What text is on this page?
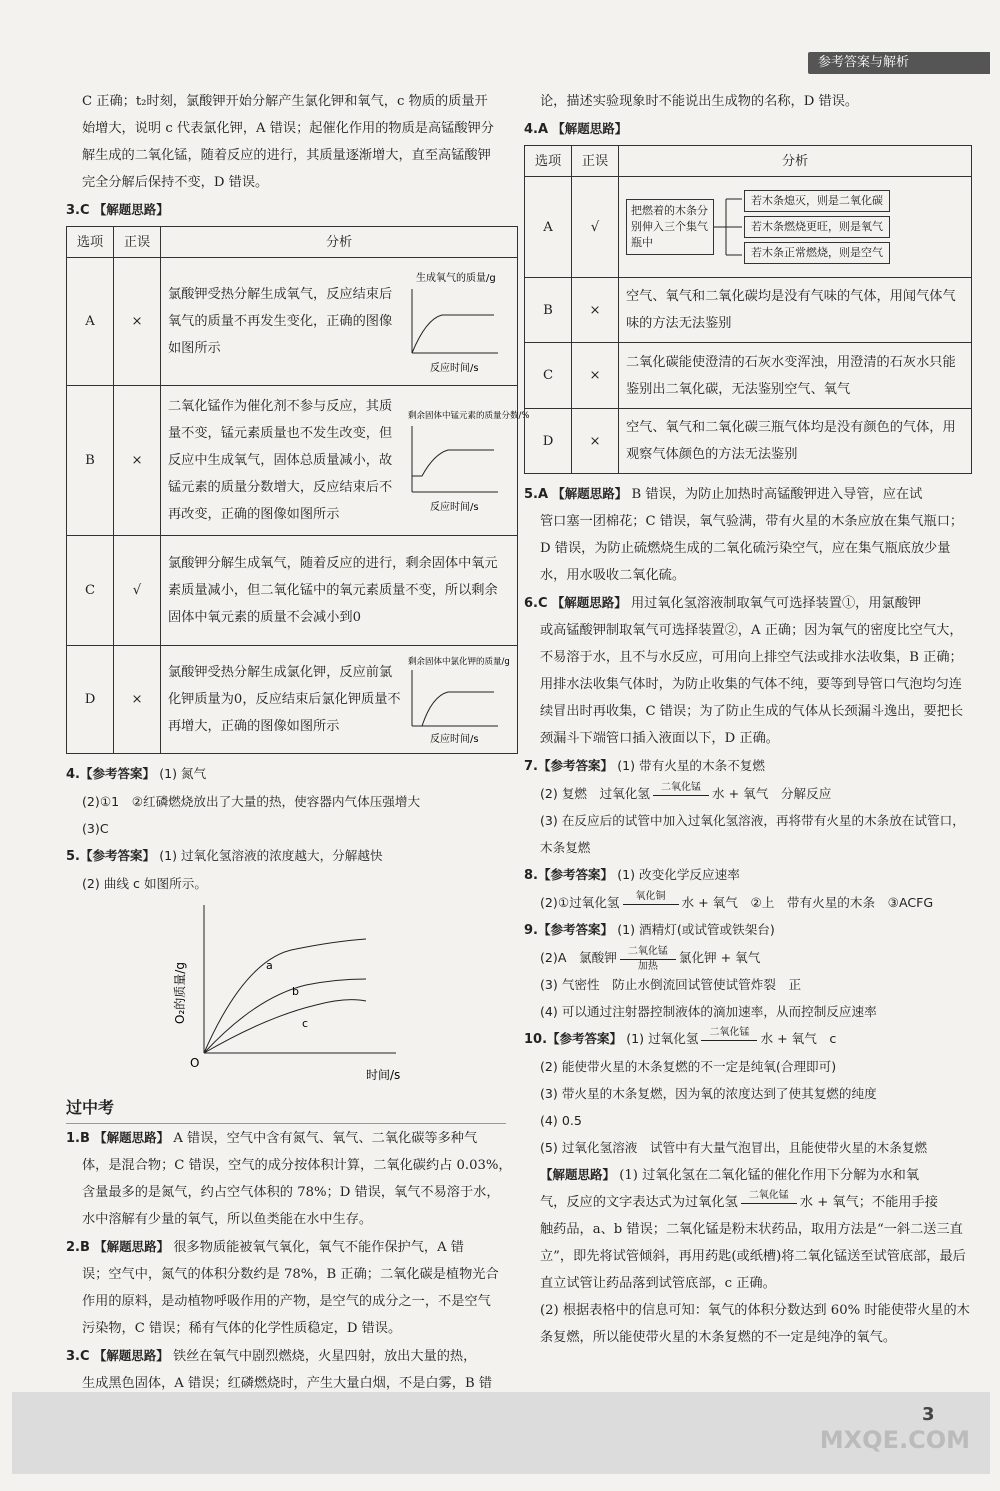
参考答案与解析

C 正确；t₂时刻，氯酸钾开始分解产生氯化钾和氧气，c 物质的质量开

始增大，说明 c 代表氯化钾，A 错误；起催化作用的物质是高锰酸钾分

解生成的二氧化锰，随着反应的进行，其质量逐渐增大，直至高锰酸钾

完全分解后保持不变，D 错误。

3.C 【解题思路】

选项	正误	分析
A	×	氯酸钾受热分解生成氧气，反应结束后氧气的质量不再发生变化，正确的图像如图所示
生成氧气的质量/g
反应时间/s

B	×	二氧化锰作为催化剂不参与反应，其质量不变，锰元素质量也不发生改变，但反应中生成氧气，固体总质量减小，故锰元素的质量分数增大，反应结束后不再改变，正确的图像如图所示
剩余固体中锰元素的质量分数/%
反应时间/s

C	√	氯酸钾分解生成氧气，随着反应的进行，剩余固体中氧元素质量减小，但二氧化锰中的氧元素质量不变，所以剩余固体中氧元素的质量不会减小到0

D	×	氯酸钾受热分解生成氯化钾，反应前氯化钾质量为0，反应结束后氯化钾质量不再增大，正确的图像如图所示
剩余固体中氯化钾的质量/g
反应时间/s

4.【参考答案】 (1) 氮气

(2)①1　②红磷燃烧放出了大量的热，使容器内气体压强增大

(3)C

5.【参考答案】 (1) 过氧化氢溶液的浓度越大，分解越快

(2) 曲线 c 如图所示。

O₂的质量/g
O
时间/s
a
b
c
过中考

1.B 【解题思路】 A 错误，空气中含有氮气、氧气、二氧化碳等多种气

体，是混合物；C 错误，空气的成分按体积计算，二氧化碳约占 0.03%，

含量最多的是氮气，约占空气体积的 78%；D 错误，氧气不易溶于水，

水中溶解有少量的氧气，所以鱼类能在水中生存。

2.B 【解题思路】 很多物质能被氧气氧化，氧气不能作保护气，A 错

误；空气中，氮气的体积分数约是 78%，B 正确；二氧化碳是植物光合

作用的原料，是动植物呼吸作用的产物，是空气的成分之一，不是空气

污染物，C 错误；稀有气体的化学性质稳定，D 错误。

3.C 【解题思路】 铁丝在氧气中剧烈燃烧，火星四射，放出大量的热，

生成黑色固体，A 错误；红磷燃烧时，产生大量白烟，不是白雾，B 错

论，描述实验现象时不能说出生成物的名称，D 错误。

4.A 【解题思路】

选项	正误	分析
A	√	把燃着的木条分别伸入三个集气瓶中
若木条熄灭，则是二氧化碳
若木条燃烧更旺，则是氧气
若木条正常燃烧，则是空气

B	×	空气、氧气和二氧化碳均是没有气味的气体，用闻气体气味的方法无法鉴别

C	×	二氧化碳能使澄清的石灰水变浑浊，用澄清的石灰水只能鉴别出二氧化碳，无法鉴别空气、氧气

D	×	空气、氧气和二氧化碳三瓶气体均是没有颜色的气体，用观察气体颜色的方法无法鉴别

5.A 【解题思路】 B 错误，为防止加热时高锰酸钾进入导管，应在试

管口塞一团棉花；C 错误，氧气验满，带有火星的木条应放在集气瓶口；D 错误，为防止硫燃烧生成的二氧化硫污染空气，应在集气瓶底放少量水，用水吸收二氧化硫。

6.C 【解题思路】 用过氧化氢溶液制取氧气可选择装置①，用氯酸钾

或高锰酸钾制取氧气可选择装置②，A 正确；因为氧气的密度比空气大，不易溶于水，且不与水反应，可用向上排空气法或排水法收集，B 正确；用排水法收集气体时，为防止收集的气体不纯，要等到导管口气泡均匀连续冒出时再收集，C 错误；为了防止生成的气体从长颈漏斗逸出，要把长颈漏斗下端管口插入液面以下，D 正确。

7.【参考答案】 (1) 带有火星的木条不复燃

(2) 复燃　过氧化氢	二氧化锰 水 + 氧气　分解反应

(3) 在反应后的试管中加入过氧化氢溶液，再将带有火星的木条放在试管口，木条复燃

8.【参考答案】 (1) 改变化学反应速率

(2)①过氧化氢	氧化铜	水 + 氧气　②上　带有火星的木条　③ACFG

9.【参考答案】 (1) 酒精灯(或试管或铁架台)

(2)A　氯酸钾	二氧化锰
加热
氯化钾 + 氧气

(3) 气密性　防止水倒流回试管使试管炸裂　正

(4) 可以通过注射器控制液体的滴加速率，从而控制反应速率

10.【参考答案】 (1) 过氧化氢	二氧化锰 水 + 氧气　c

(2) 能使带火星的木条复燃的不一定是纯氧(合理即可)

(3) 带火星的木条复燃，因为氧的浓度达到了使其复燃的纯度

(4) 0.5

(5) 过氧化氢溶液　试管中有大量气泡冒出，且能使带火星的木条复燃

【解题思路】 (1) 过氧化氢在二氧化锰的催化作用下分解为水和氧

气，反应的文字表达式为过氧化氢	二氧化锰 水 + 氧气；不能用手接

触药品，a、b 错误；二氧化锰是粉末状药品，取用方法是“一斜二送三直立”，即先将试管倾斜，再用药匙(或纸槽)将二氧化锰送至试管底部，最后直立试管让药品落到试管底部，c 正确。

(2) 根据表格中的信息可知：氧气的体积分数达到 60% 时能使带火星的木条复燃，所以能使带火星的木条复燃的不一定是纯净的氧气。

3
MXQE.COM
